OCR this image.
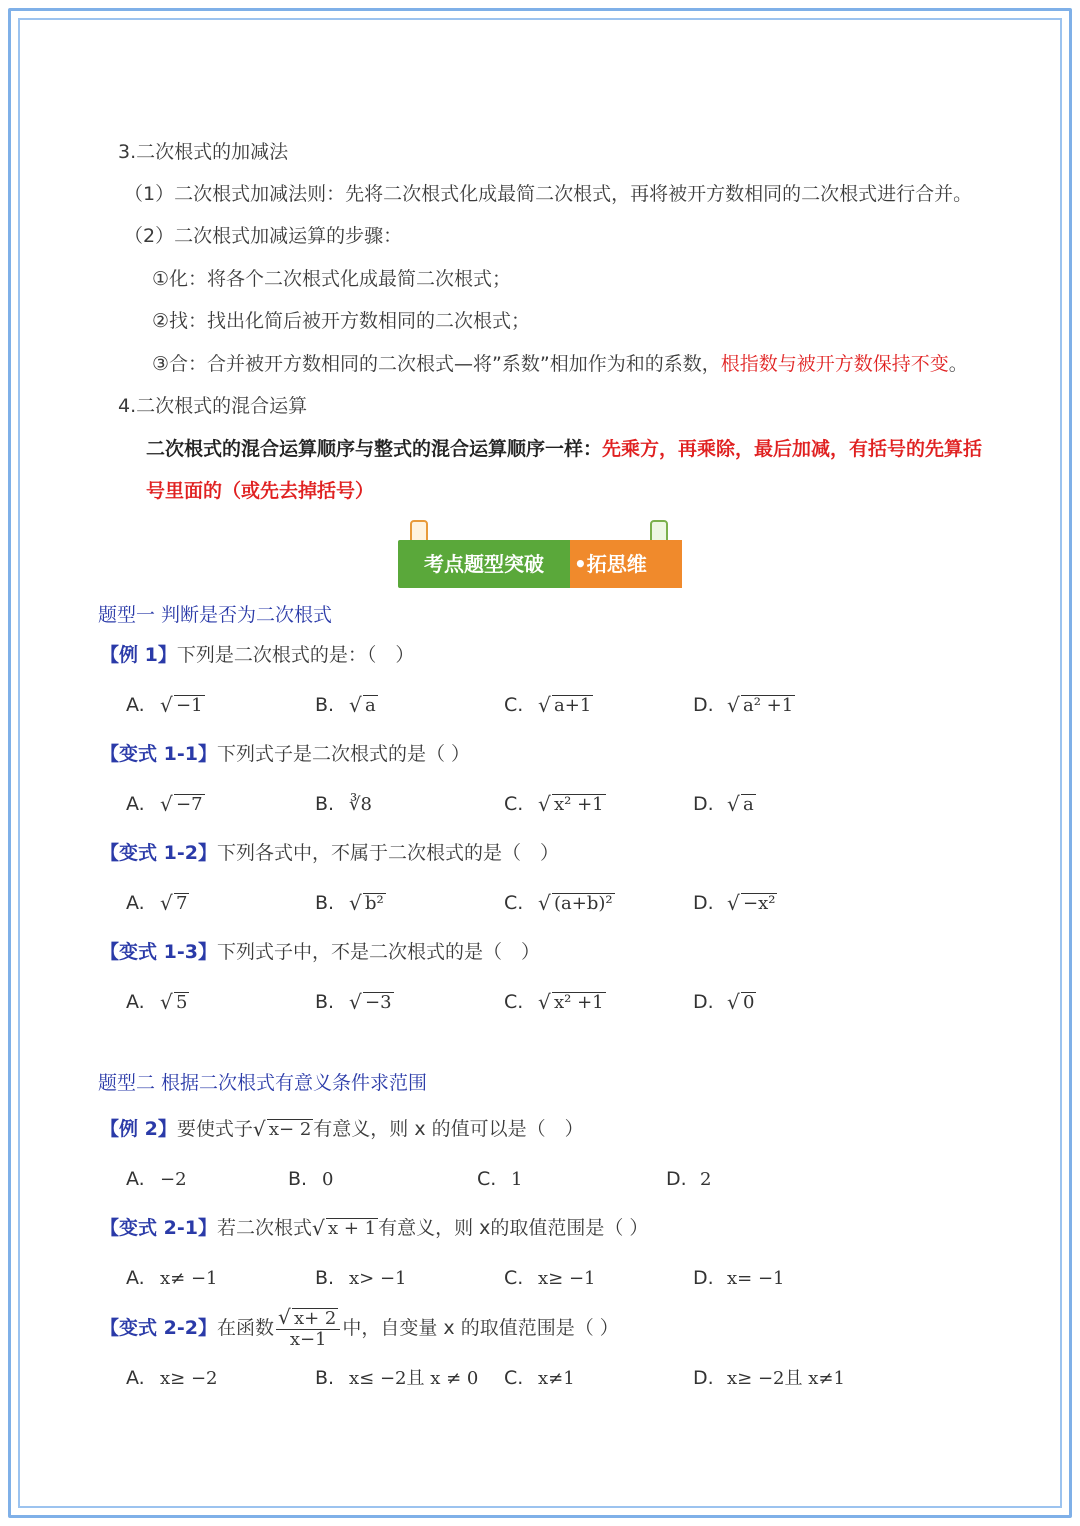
3.二次根式的加减法
（1）二次根式加减法则：先将二次根式化成最简二次根式，再将被开方数相同的二次根式进行合并。
（2）二次根式加减运算的步骤：
①化：将各个二次根式化成最简二次根式；
②找：找出化简后被开方数相同的二次根式；
③合：合并被开方数相同的二次根式—将”系数”相加作为和的系数，根指数与被开方数保持不变。
4.二次根式的混合运算
二次根式的混合运算顺序与整式的混合运算顺序一样：先乘方，再乘除，最后加减，有括号的先算括
号里面的（或先去掉括号）
考点题型突破	•拓思维
题型一 判断是否为二次根式
【例 1】下列是二次根式的是：（　）
A. √ −1	B. √ a	C. √ a+1	D. √ a² +1
【变式 1-1】下列式子是二次根式的是（ ）
A. √ −7	B. ∛8	C. √ x² +1	D. √ a
【变式 1-2】下列各式中，不属于二次根式的是（　）
A. √ 7	B. √ b²	C. √ (a+b)²	D. √ −x²
【变式 1-3】下列式子中，不是二次根式的是（　）
A. √ 5	B. √ −3	C. √ x² +1	D. √ 0
题型二 根据二次根式有意义条件求范围
【例 2】要使式子 √ x− 2 有意义，则 x 的值可以是（　）
A. −2	B. 0	C. 1	D. 2
【变式 2-1】若二次根式 √ x + 1 有意义，则 x的取值范围是（ ）
A. x≠ −1	B. x> −1	C. x≥ −1	D. x= −1
【变式 2-2】在函数 √ $\frac{x+ 2}{x-1}$ 中，自变量 x 的取值范围是（ ）
A. x≥ −2	B. x≤ −2且 x ≠ 0 C. x≠1	D. x≥ −2且 x≠1
